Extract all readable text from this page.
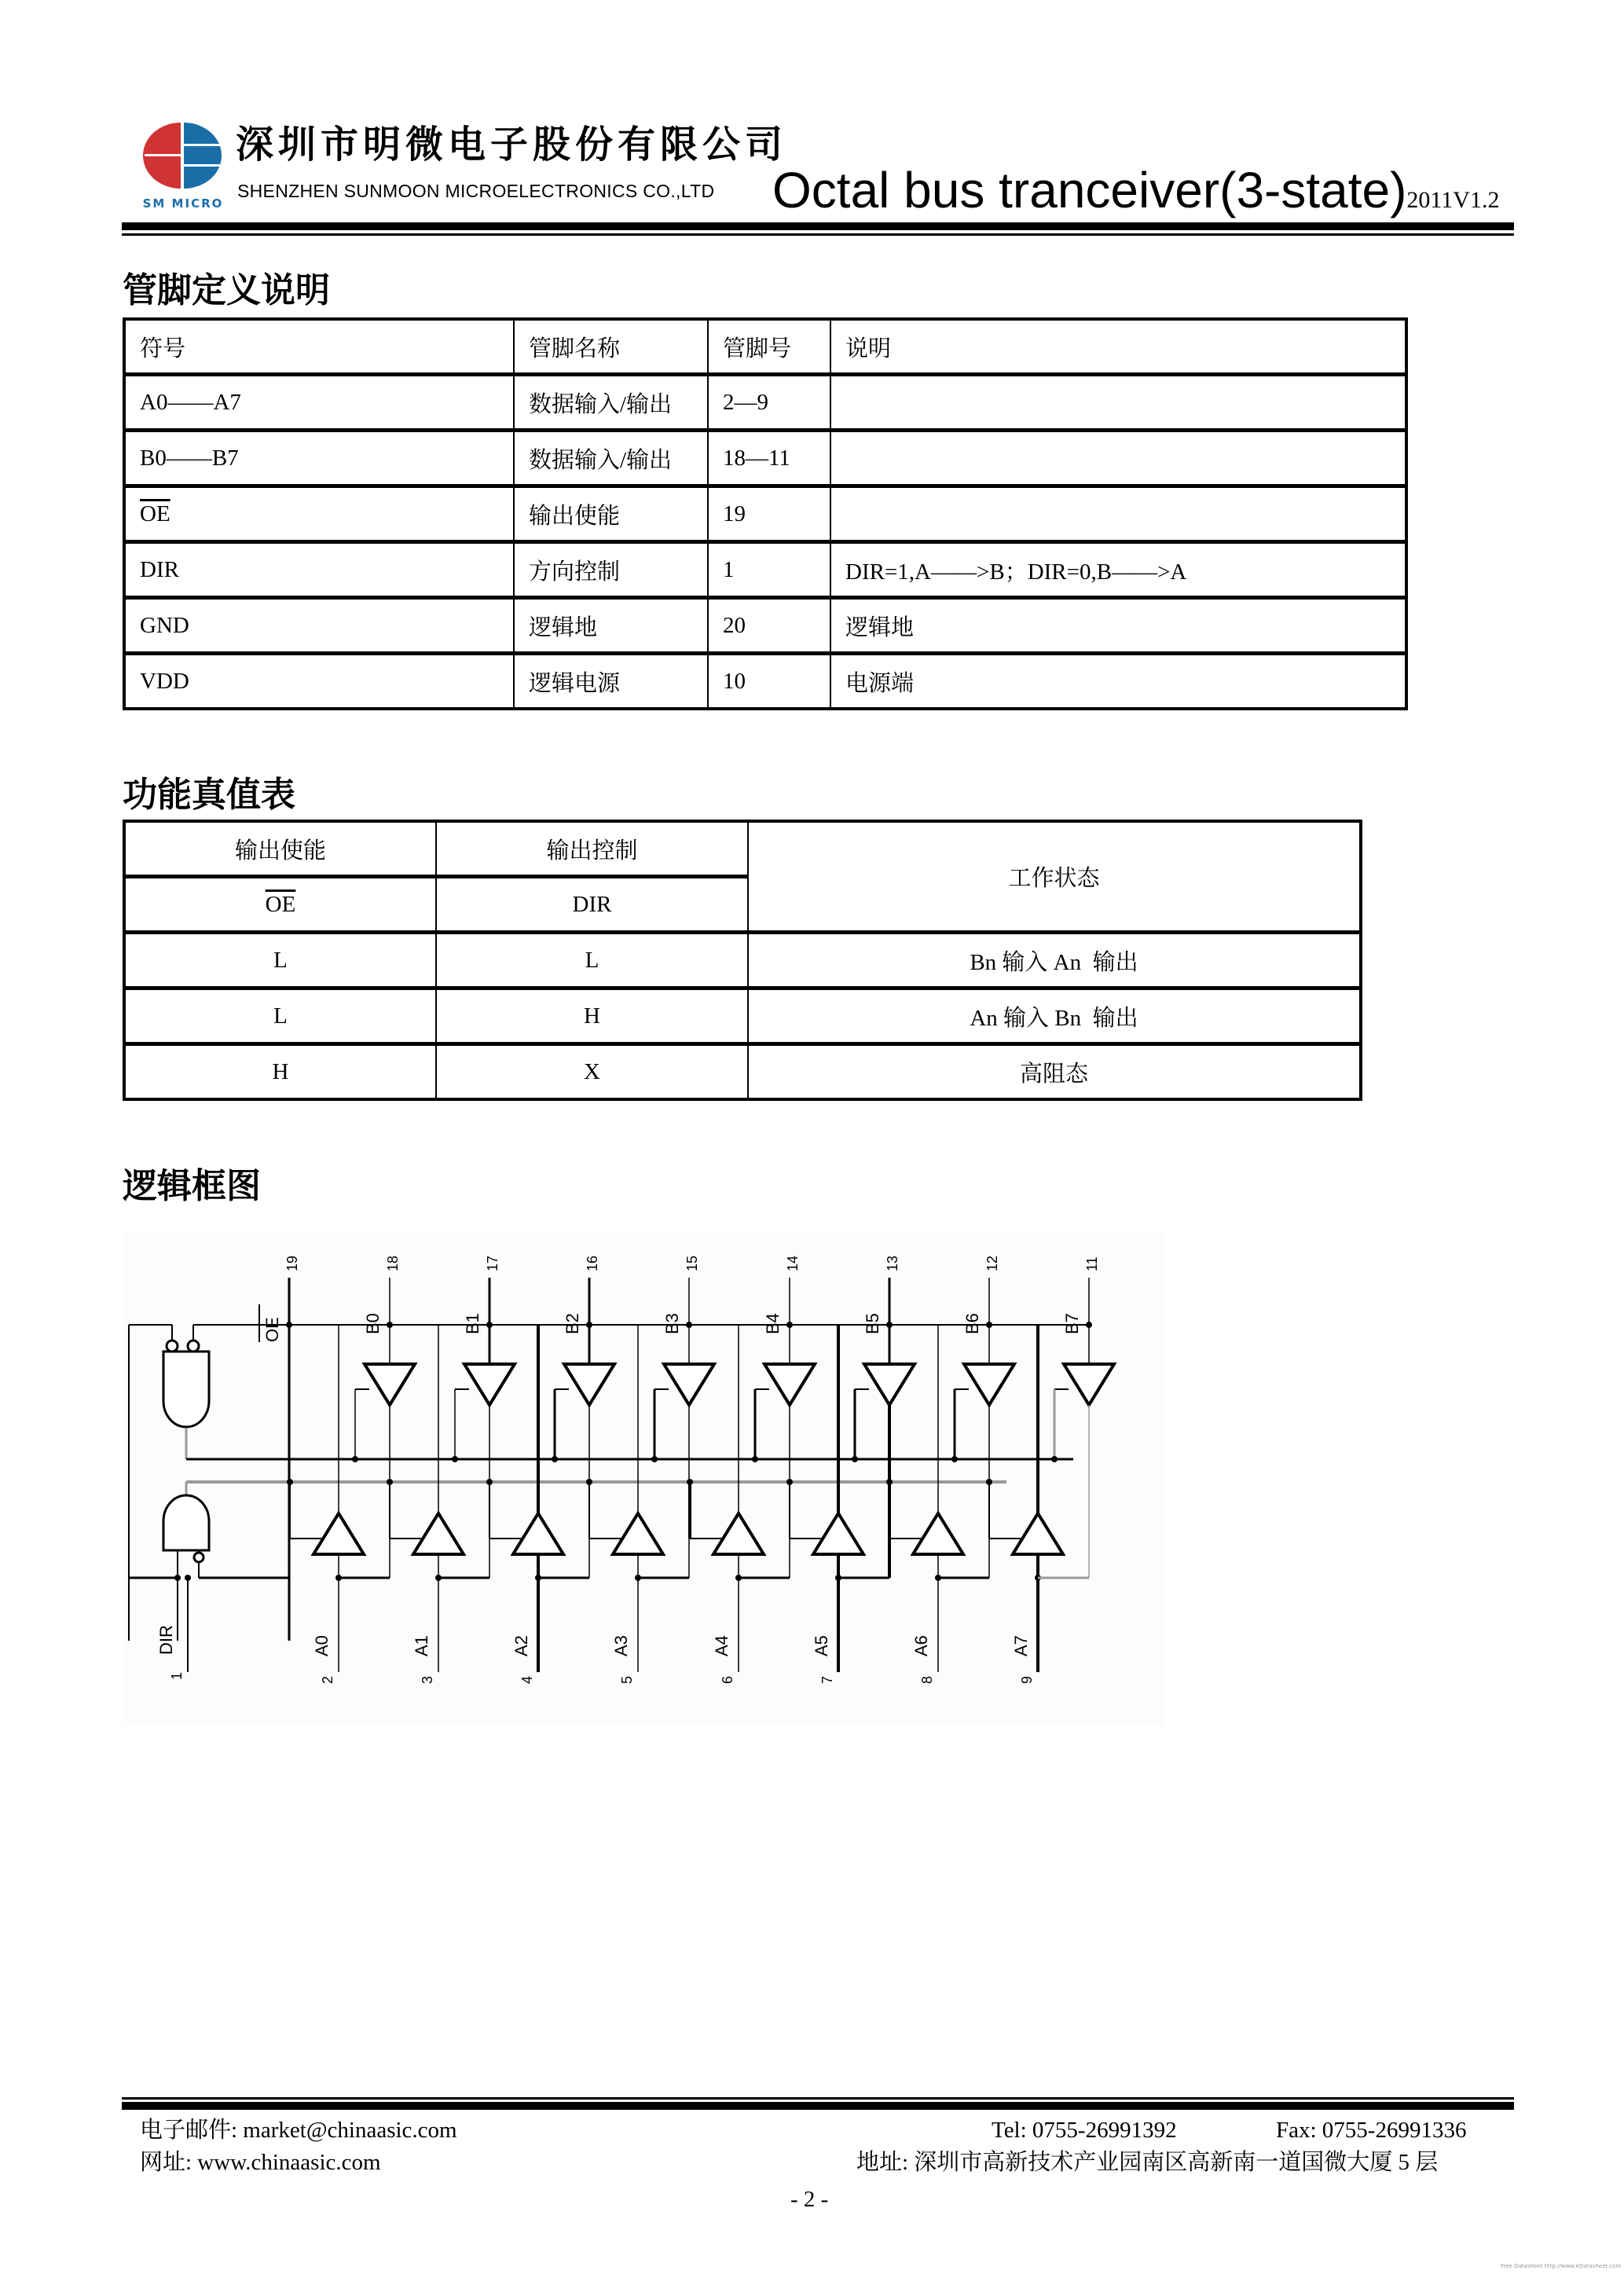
SM MICRO
深圳市明微电子股份有限公司
SHENZHEN SUNMOON MICROELECTRONICS CO.,LTD Octal bus tranceiver(3-state)2011V1.2
管脚定义说明
符号	管脚名称	管脚号	说明
A0——A7	数据输入/输出	2—9	
B0——B7	数据输入/输出	18—11	
$\overline{OE}$	输出使能	19	
DIR	方向控制	1	DIR=1,A——>B；DIR=0,B——>A
GND	逻辑地	20	逻辑地
VDD	逻辑电源	10	电源端
功能真值表
输出使能	输出控制	工作状态
$\overline{OE}$	DIR	
L	L	Bn 输入 An  输出
L	H	An 输入 Bn  输出
H	X	高阻态
逻辑框图
OE
19
DIR
1
B0
18
A0
2
B1
17
A1
3
B2
16
A2
4
B3
15
A3
5
B4
14
A4
6
B5
13
A5
7
B6
12
A6
8
B7
11
A7
9
电子邮件: market@chinaasic.com
网址: www.chinaasic.com
Tel: 0755-26991392	Fax: 0755-26991336
地址: 深圳市高新技术产业园南区高新南一道国微大厦 5 层
- 2 -
Free Datasheet http://www.eDatasheet.com
